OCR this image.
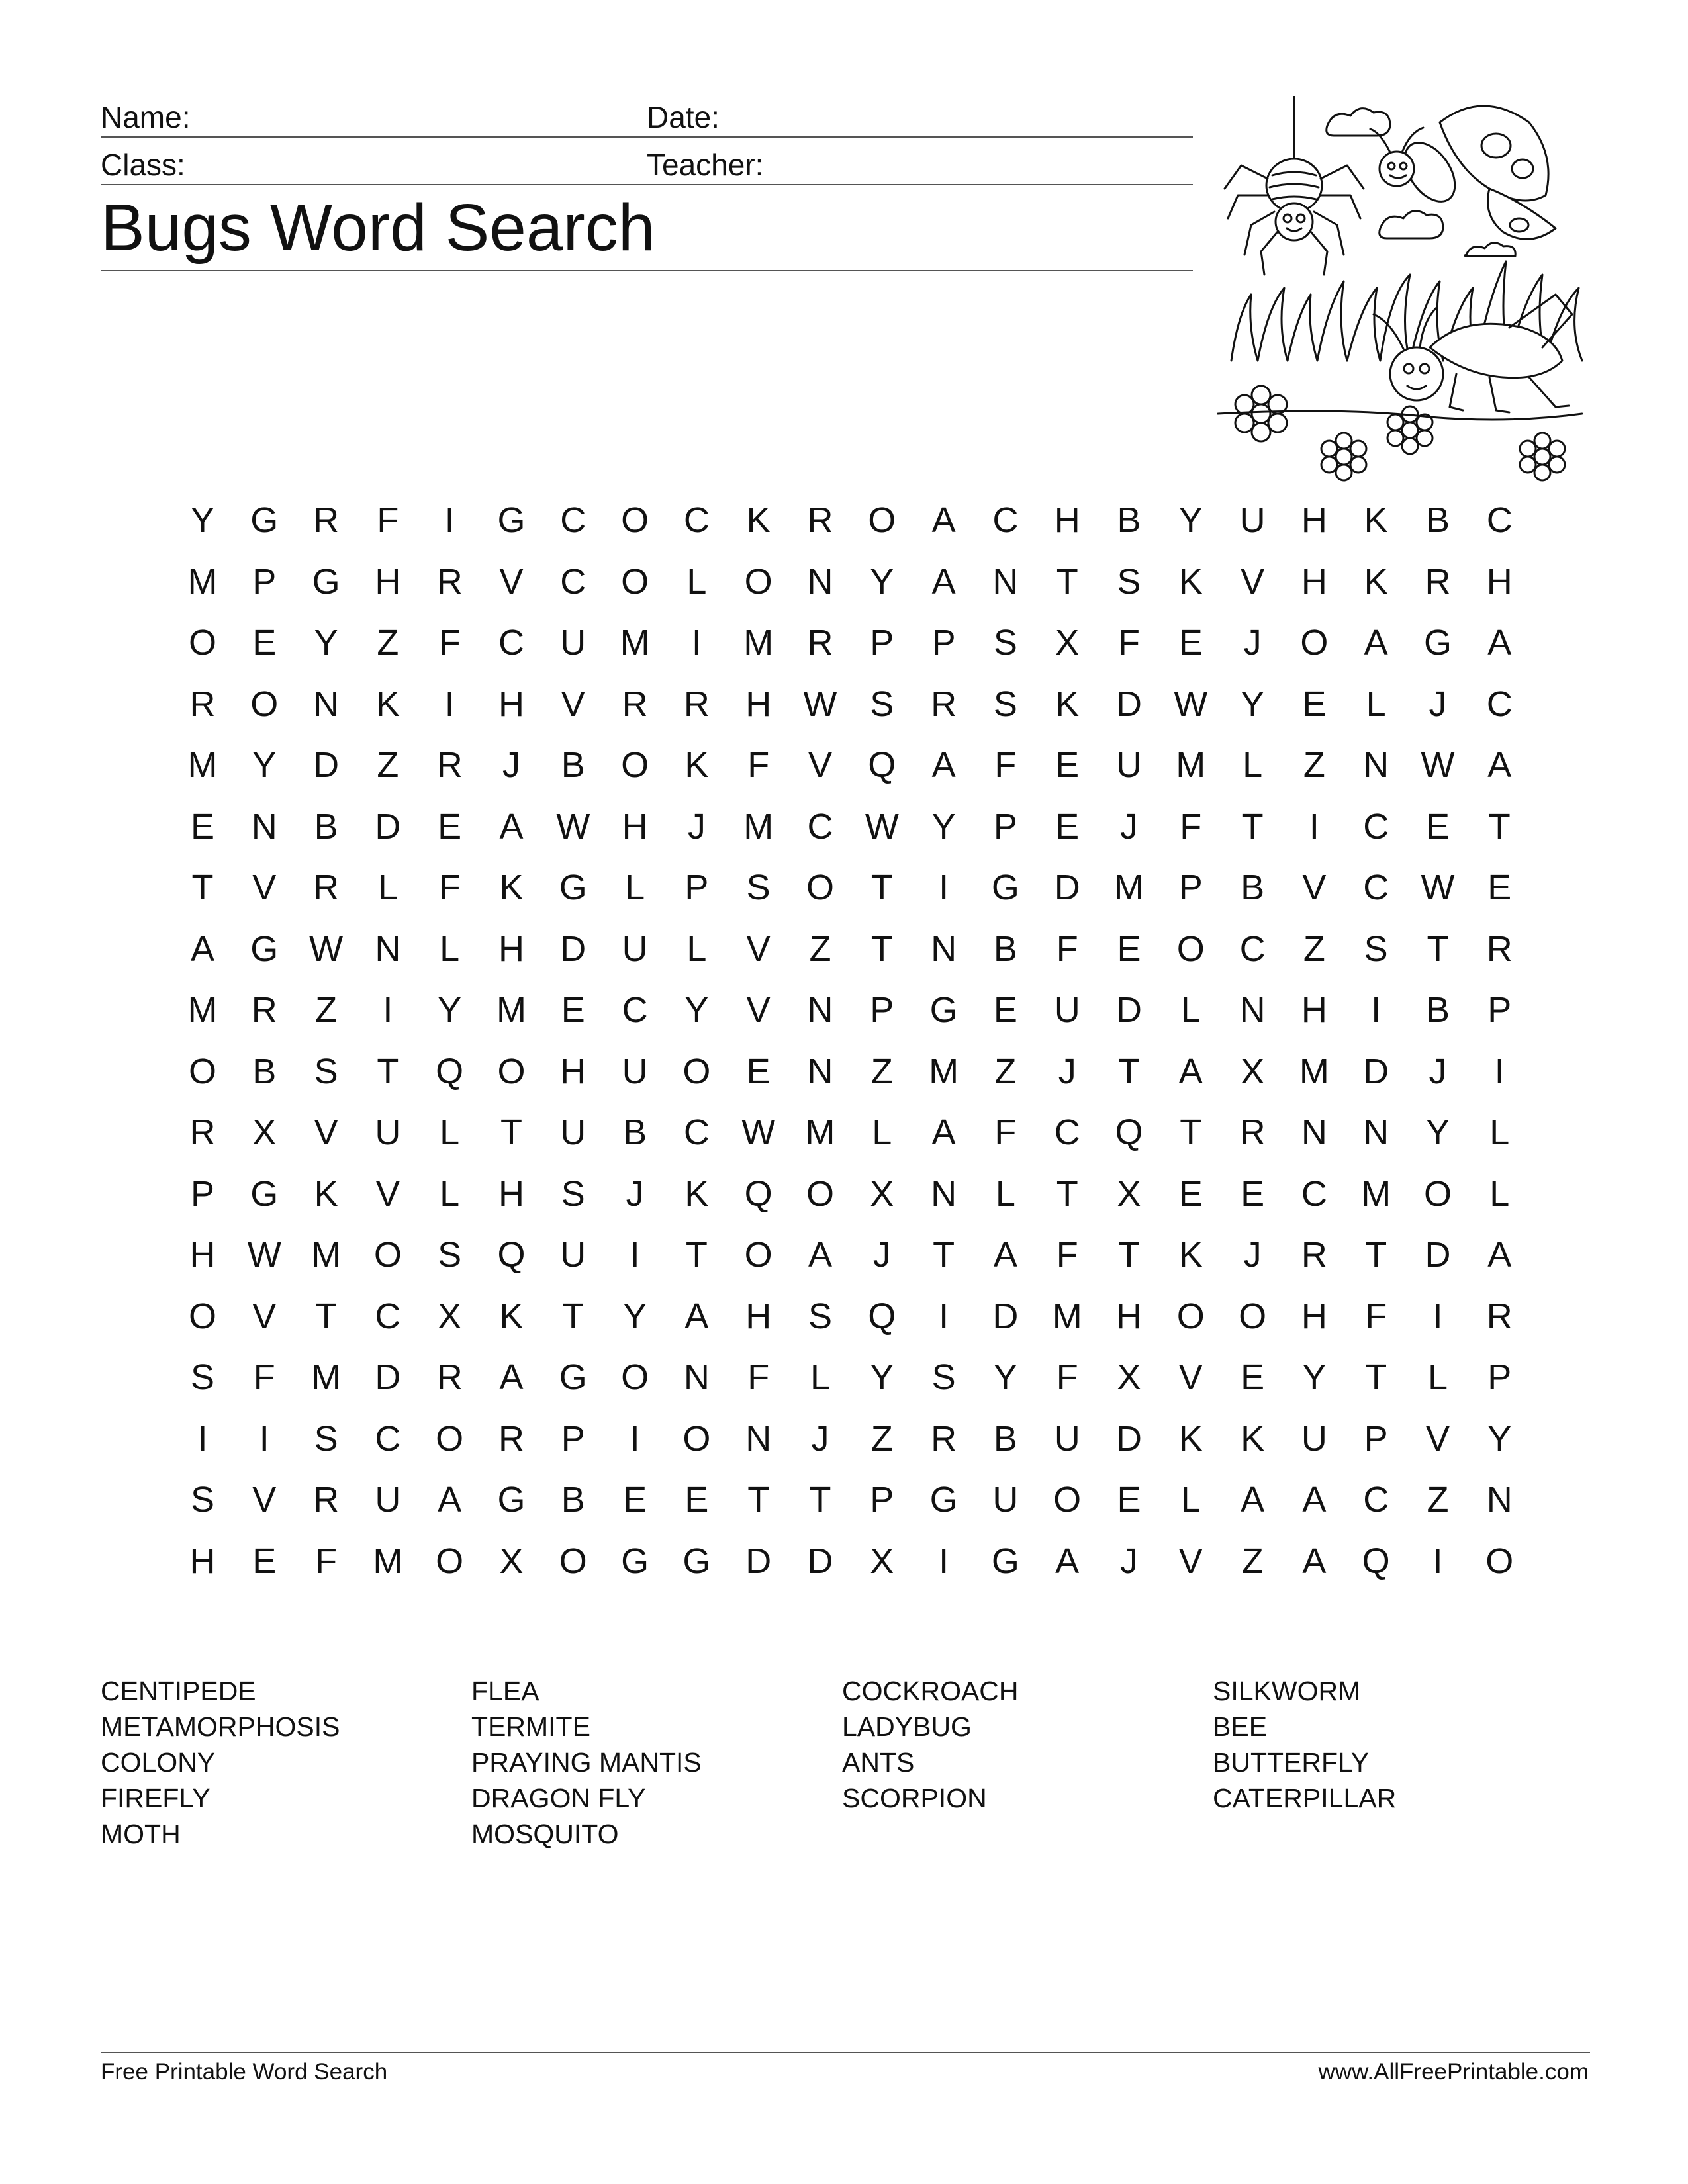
Name:	Date:
Class:	Teacher:
Bugs Word Search
Y	G R	F	I	G C O C	K	R O	A	C	H	B	Y	U	H	K	B	C
M P	G H	R	V	C O	L	O N	Y	A	N	T	S	K	V	H	K	R	H
O	E	Y	Z	F	C	U M	I	M R	P	P	S	X	F	E	J	O	A	G	A
R O N	K	I	H	V	R	R	H W S	R	S	K	D W Y	E	L	J	C
M Y	D	Z	R	J	B	O	K	F	V	Q	A	F	E	U M	L	Z	N W A
E	N	B	D	E	A W H	J	M C W Y	P	E	J	F	T	I	C	E	T
T	V	R	L	F	K	G	L	P	S	O	T	I	G D M P	B	V	C W E
A	G W N	L	H	D	U	L	V	Z	T	N	B	F	E	O C	Z	S	T	R
M R	Z	I	Y M E	C	Y	V	N	P	G	E	U	D	L	N	H	I	B	P
O	B	S	T	Q O H	U O	E	N	Z	M	Z	J	T	A	X M D	J	I
R	X	V	U	L	T	U	B	C W M	L	A	F	C Q	T	R	N	N	Y	L
P	G	K	V	L	H	S	J	K	Q O	X	N	L	T	X	E	E	C M O	L
H W M O	S	Q U	I	T	O	A	J	T	A	F	T	K	J	R	T	D	A
O	V	T	C	X	K	T	Y	A	H	S	Q	I	D M H O O H	F	I	R
S	F	M D	R	A	G O N	F	L	Y	S	Y	F	X	V	E	Y	T	L	P
I	I	S	C O R	P	I	O N	J	Z	R	B	U	D	K	K	U	P	V	Y
S	V	R	U	A	G	B	E	E	T	T	P	G U O	E	L	A	A	C	Z	N
H	E	F	M O	X	O G G D	D	X	I	G	A	J	V	Z	A	Q	I	O
CENTIPEDE
METAMORPHOSIS
COLONY
FIREFLY
MOTH
FLEA
TERMITE
PRAYING MANTIS
DRAGON FLY
MOSQUITO
COCKROACH
LADYBUG
ANTS
SCORPION
SILKWORM
BEE
BUTTERFLY
CATERPILLAR
Free Printable Word Search	www.AllFreePrintable.com
